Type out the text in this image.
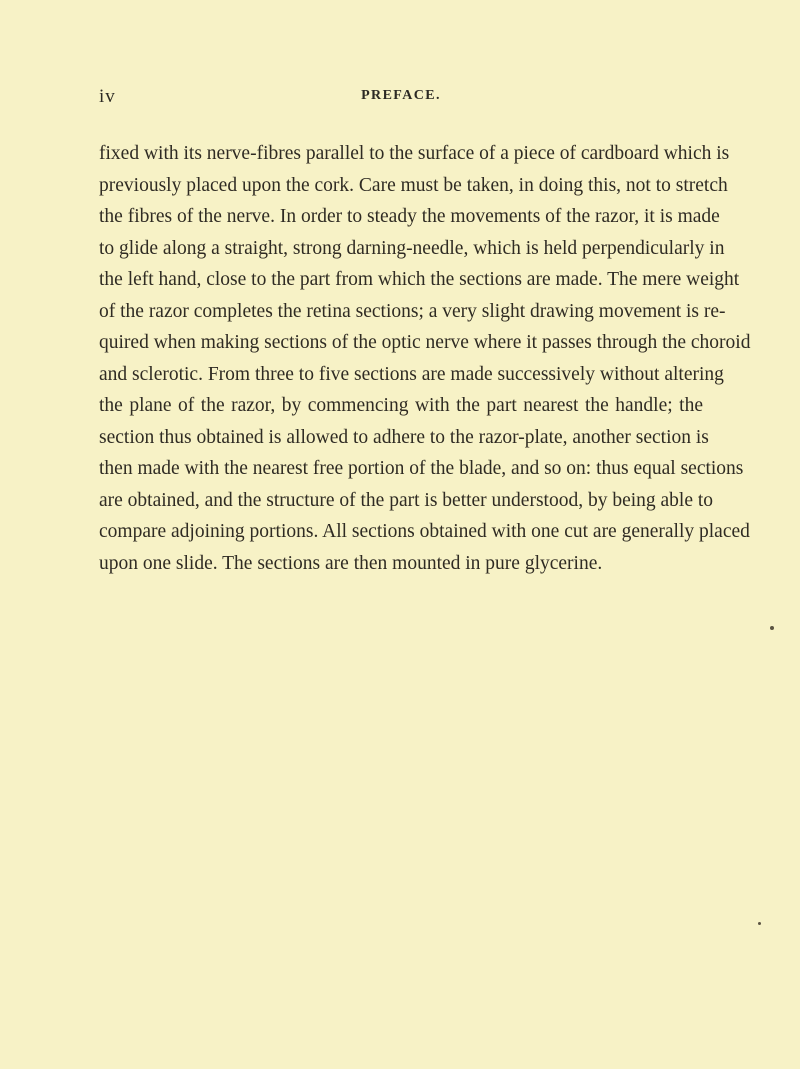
iv	PREFACE.
fixed with its nerve-fibres parallel to the surface of a piece of cardboard which is
previously placed upon the cork. Care must be taken, in doing this, not to stretch
the fibres of the nerve. In order to steady the movements of the razor, it is made
to glide along a straight, strong darning-needle, which is held perpendicularly in
the left hand, close to the part from which the sections are made. The mere weight
of the razor completes the retina sections; a very slight drawing movement is re-
quired when making sections of the optic nerve where it passes through the choroid
and sclerotic. From three to five sections are made successively without altering
the plane of the razor, by commencing with the part nearest the handle; the
section thus obtained is allowed to adhere to the razor-plate, another section is
then made with the nearest free portion of the blade, and so on: thus equal sections
are obtained, and the structure of the part is better understood, by being able to
compare adjoining portions. All sections obtained with one cut are generally placed
upon one slide. The sections are then mounted in pure glycerine.
